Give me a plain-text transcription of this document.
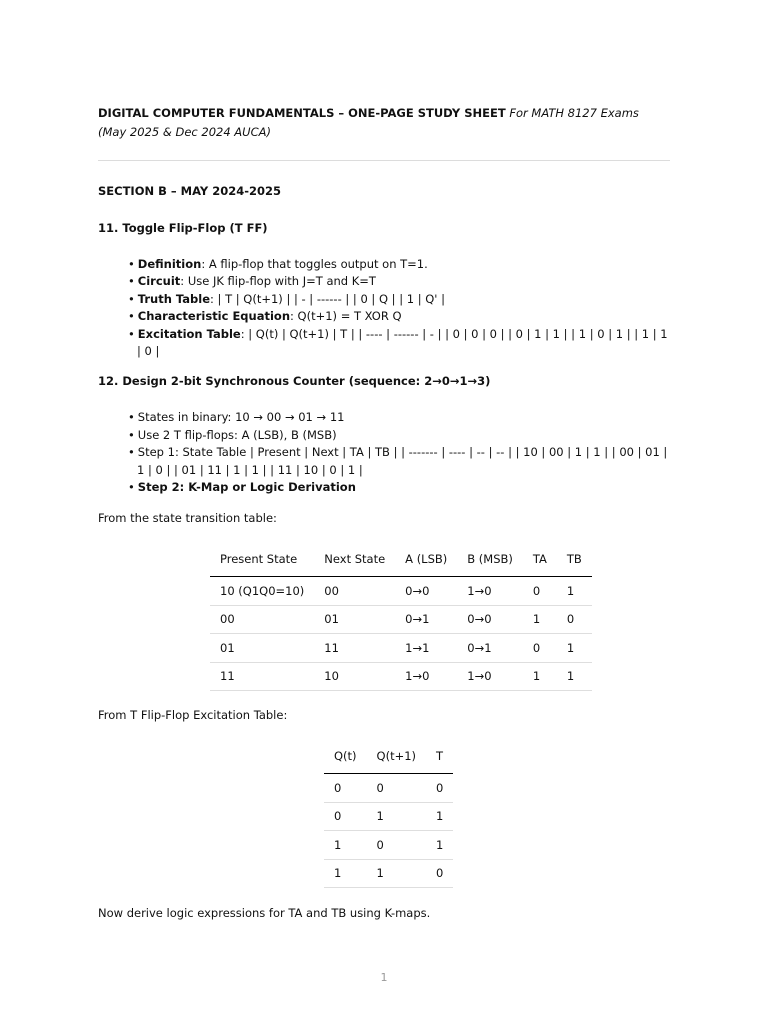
DIGITAL COMPUTER FUNDAMENTALS – ONE-PAGE STUDY SHEET For MATH 8127 Exams (May 2025 & Dec 2024 AUCA)

SECTION B – MAY 2024-2025

11. Toggle Flip-Flop (T FF)

• Definition: A flip-flop that toggles output on T=1.
• Circuit: Use JK flip-flop with J=T and K=T
• Truth Table: | T | Q(t+1) | | - | ------ | | 0 | Q | | 1 | Q' |
• Characteristic Equation: Q(t+1) = T XOR Q
• Excitation Table: | Q(t) | Q(t+1) | T | | ---- | ------ | - | | 0 | 0 | 0 | | 0 | 1 | 1 | | 1 | 0 | 1 | | 1 | 1 | 0 |

12. Design 2-bit Synchronous Counter (sequence: 2→0→1→3)

• States in binary: 10 → 00 → 01 → 11
• Use 2 T flip-flops: A (LSB), B (MSB)
• Step 1: State Table | Present | Next | TA | TB | | ------- | ---- | -- | -- | | 10 | 00 | 1 | 1 | | 00 | 01 | 1 | 0 | | 01 | 11 | 1 | 1 | | 11 | 10 | 0 | 1 |
• Step 2: K-Map or Logic Derivation

From the state transition table:

Present State	Next State	A (LSB)	B (MSB)	TA	TB
10 (Q1Q0=10)	00	0→0	1→0	0	1
00	01	0→1	0→0	1	0
01	11	1→1	0→1	0	1
11	10	1→0	1→0	1	1

From T Flip-Flop Excitation Table:

Q(t)	Q(t+1)	T
0	0	0
0	1	1
1	0	1
1	1	0

Now derive logic expressions for TA and TB using K-maps.

1
